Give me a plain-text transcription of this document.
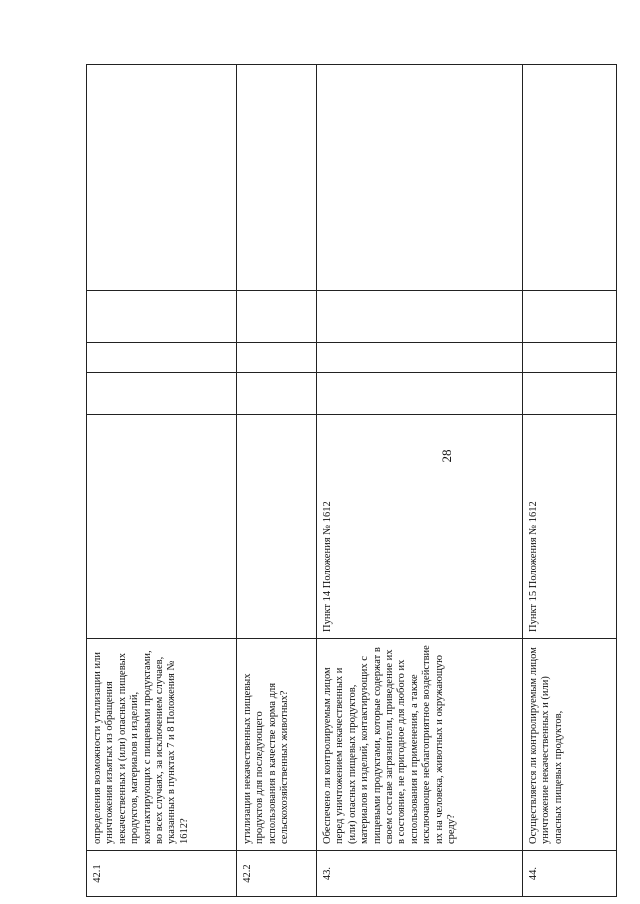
28
42.1	определения возможности утилизации или уничтожения изъятых из обращения некачественных и (или) опасных пищевых продуктов, материалов и изделий, контактирующих с пищевыми продуктами, во всех случаях, за исключением случаев, указанных в пунктах 7 и 8 Положения № 1612?					
42.2	утилизации некачественных пищевых продуктов для последующего использования в качестве корма для сельскохозяйственных животных?					
43.	Обеспечено ли контролируемым лицом перед уничтожением некачественных и (или) опасных пищевых продуктов, материалов и изделий, контактирующих с пищевыми продуктами, которые содержат в своем составе загрязнители, приведение их в состояние, не пригодное для любого их использования и применения, а также исключающее неблагоприятное воздействие их на человека, животных и окружающую среду?	Пункт 14 Положения № 1612				
44.	Осуществляется ли контролируемым лицом уничтожение некачественных и (или) опасных пищевых продуктов,	Пункт 15 Положения № 1612				
